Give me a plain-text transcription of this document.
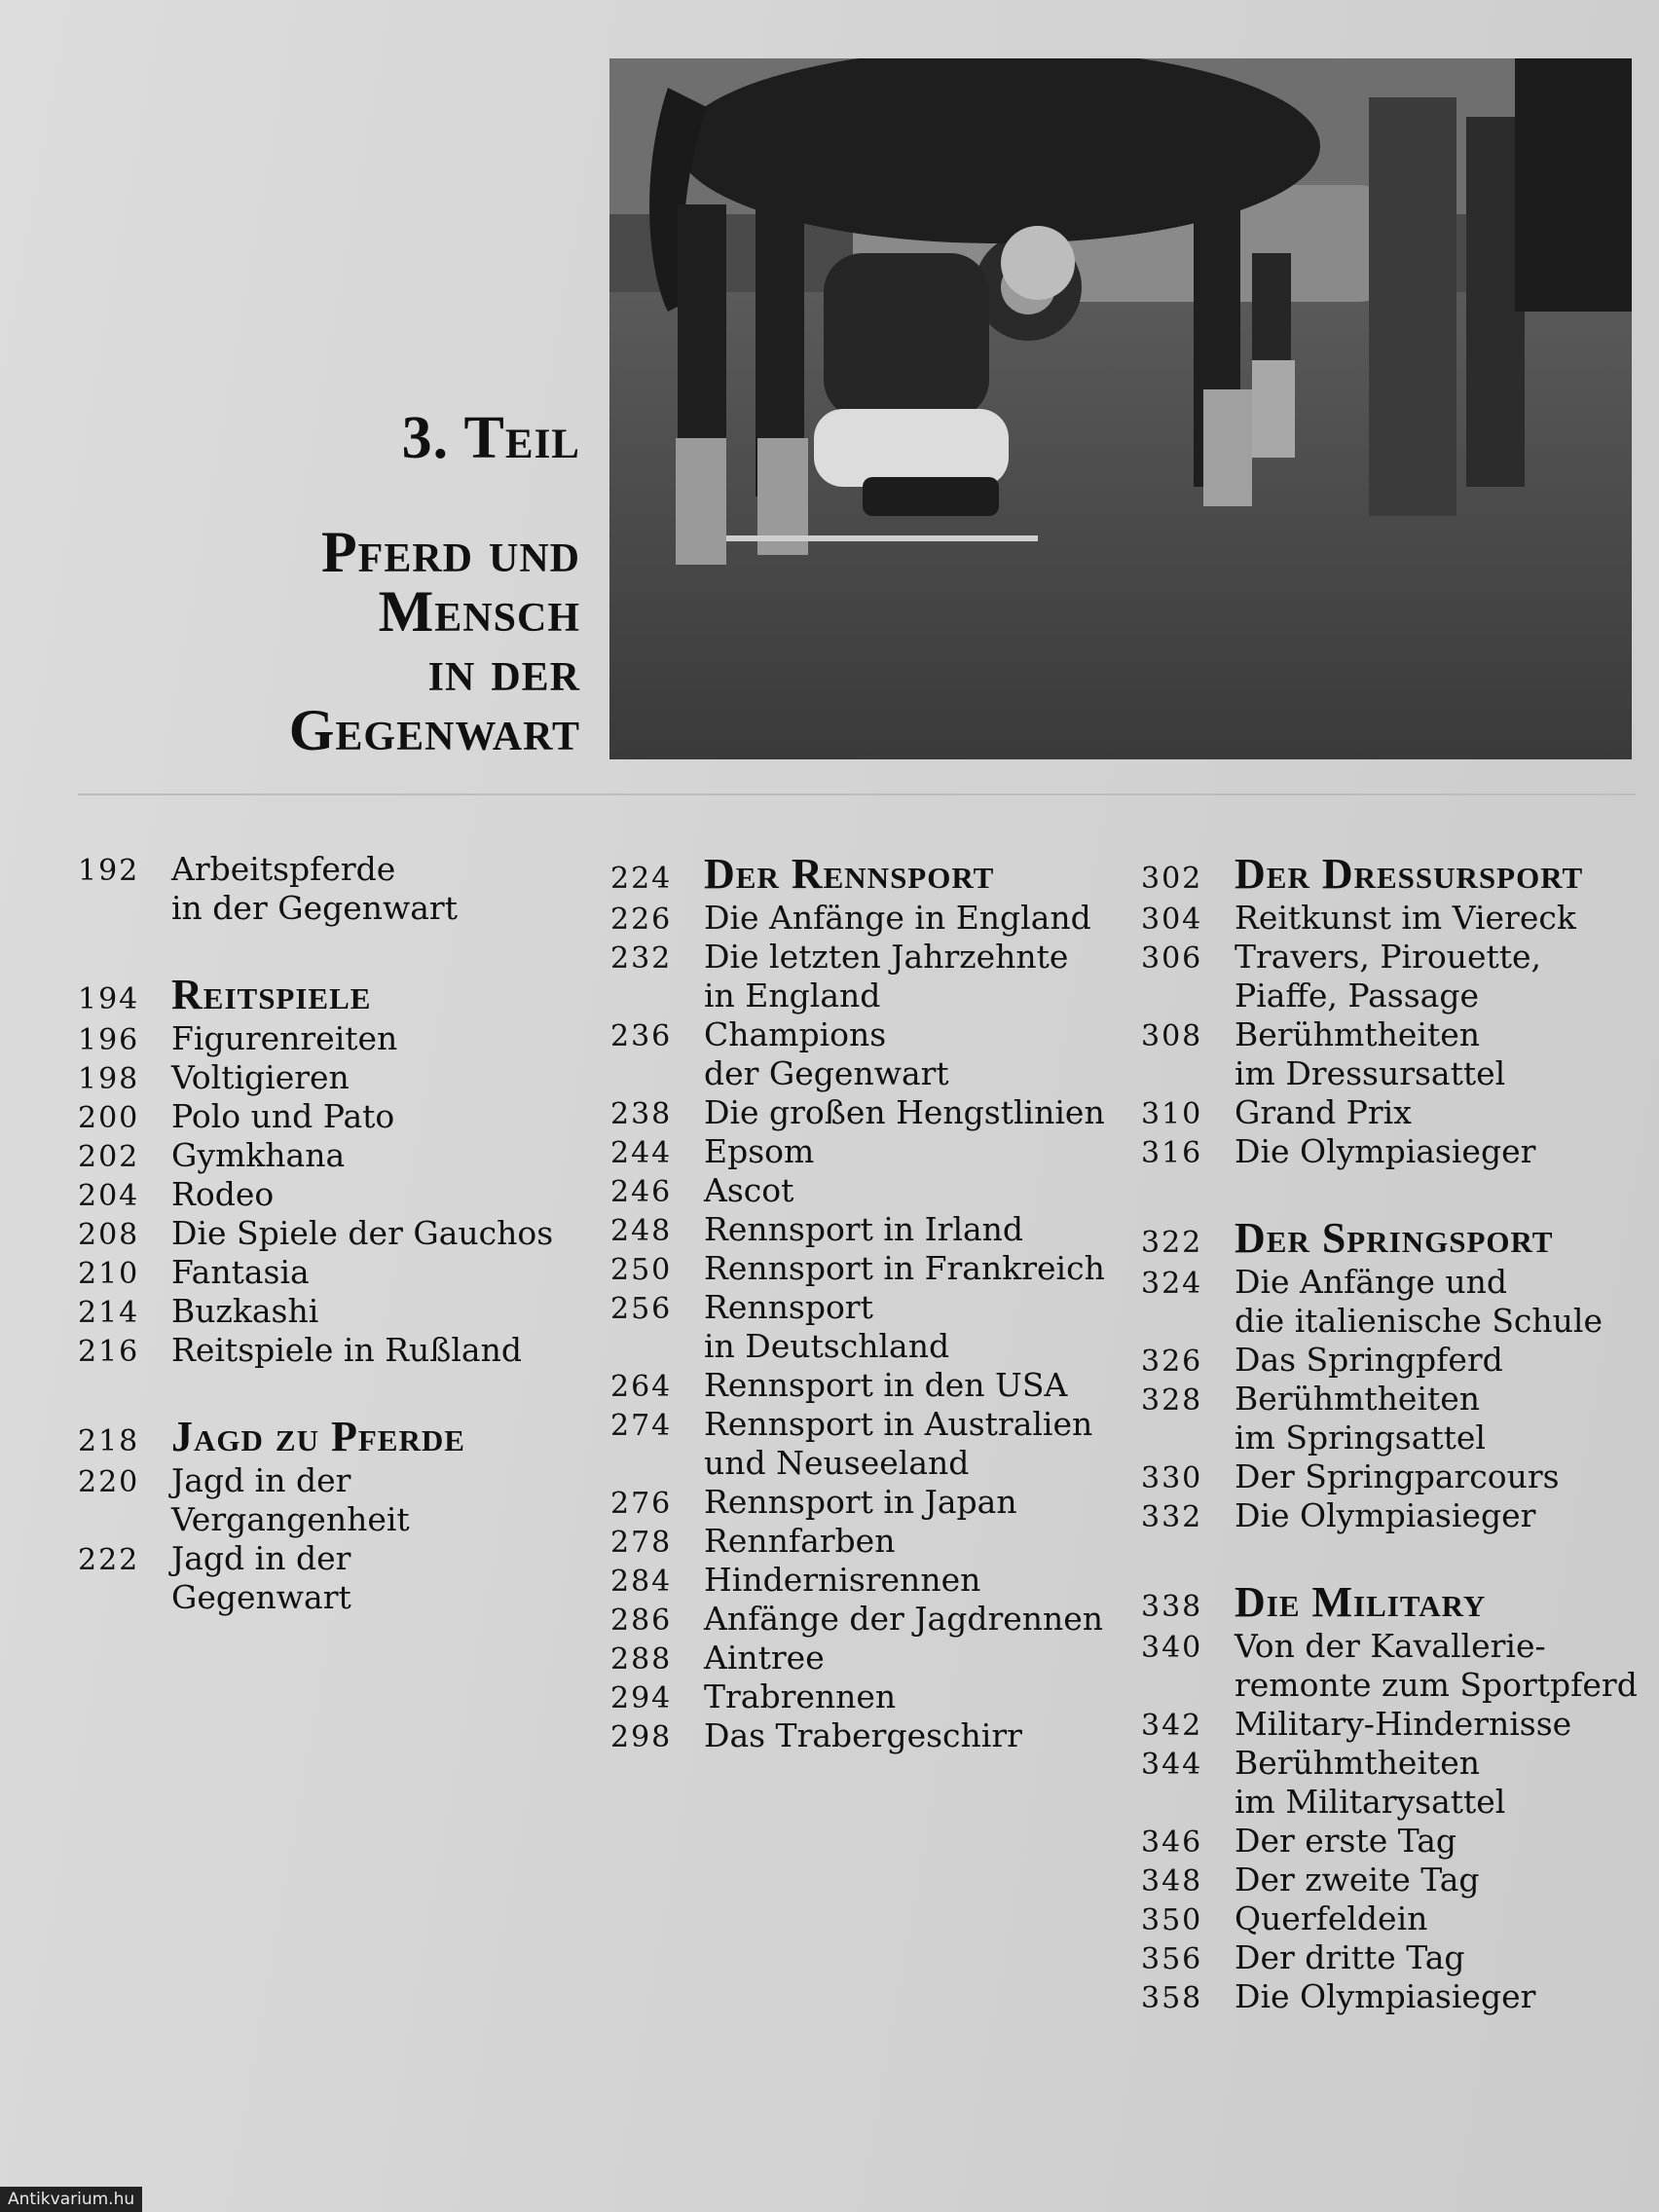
3. Teil
Pferd und
Mensch
in der
Gegenwart
192 Arbeitspferde
in der Gegenwart
194 Reitspiele
196 Figurenreiten
198 Voltigieren
200 Polo und Pato
202 Gymkhana
204 Rodeo
208 Die Spiele der Gauchos
210 Fantasia
214 Buzkashi
216 Reitspiele in Rußland
218 Jagd zu Pferde
220 Jagd in der
Vergangenheit
222 Jagd in der
Gegenwart
224 Der Rennsport
226 Die Anfänge in England
232 Die letzten Jahrzehnte
in England
236 Champions
der Gegenwart
238 Die großen Hengstlinien
244 Epsom
246 Ascot
248 Rennsport in Irland
250 Rennsport in Frankreich
256 Rennsport
in Deutschland
264 Rennsport in den USA
274 Rennsport in Australien
und Neuseeland
276 Rennsport in Japan
278 Rennfarben
284 Hindernisrennen
286 Anfänge der Jagdrennen
288 Aintree
294 Trabrennen
298 Das Trabergeschirr
302 Der Dressursport
304 Reitkunst im Viereck
306 Travers, Pirouette,
Piaffe, Passage
308 Berühmtheiten
im Dressursattel
310 Grand Prix
316 Die Olympiasieger
322 Der Springsport
324 Die Anfänge und
die italienische Schule
326 Das Springpferd
328 Berühmtheiten
im Springsattel
330 Der Springparcours
332 Die Olympiasieger
338 Die Military
340 Von der Kavallerie-
remonte zum Sportpferd
342 Military-Hindernisse
344 Berühmtheiten
im Militarysattel
346 Der erste Tag
348 Der zweite Tag
350 Querfeldein
356 Der dritte Tag
358 Die Olympiasieger
Antikvarium.hu
